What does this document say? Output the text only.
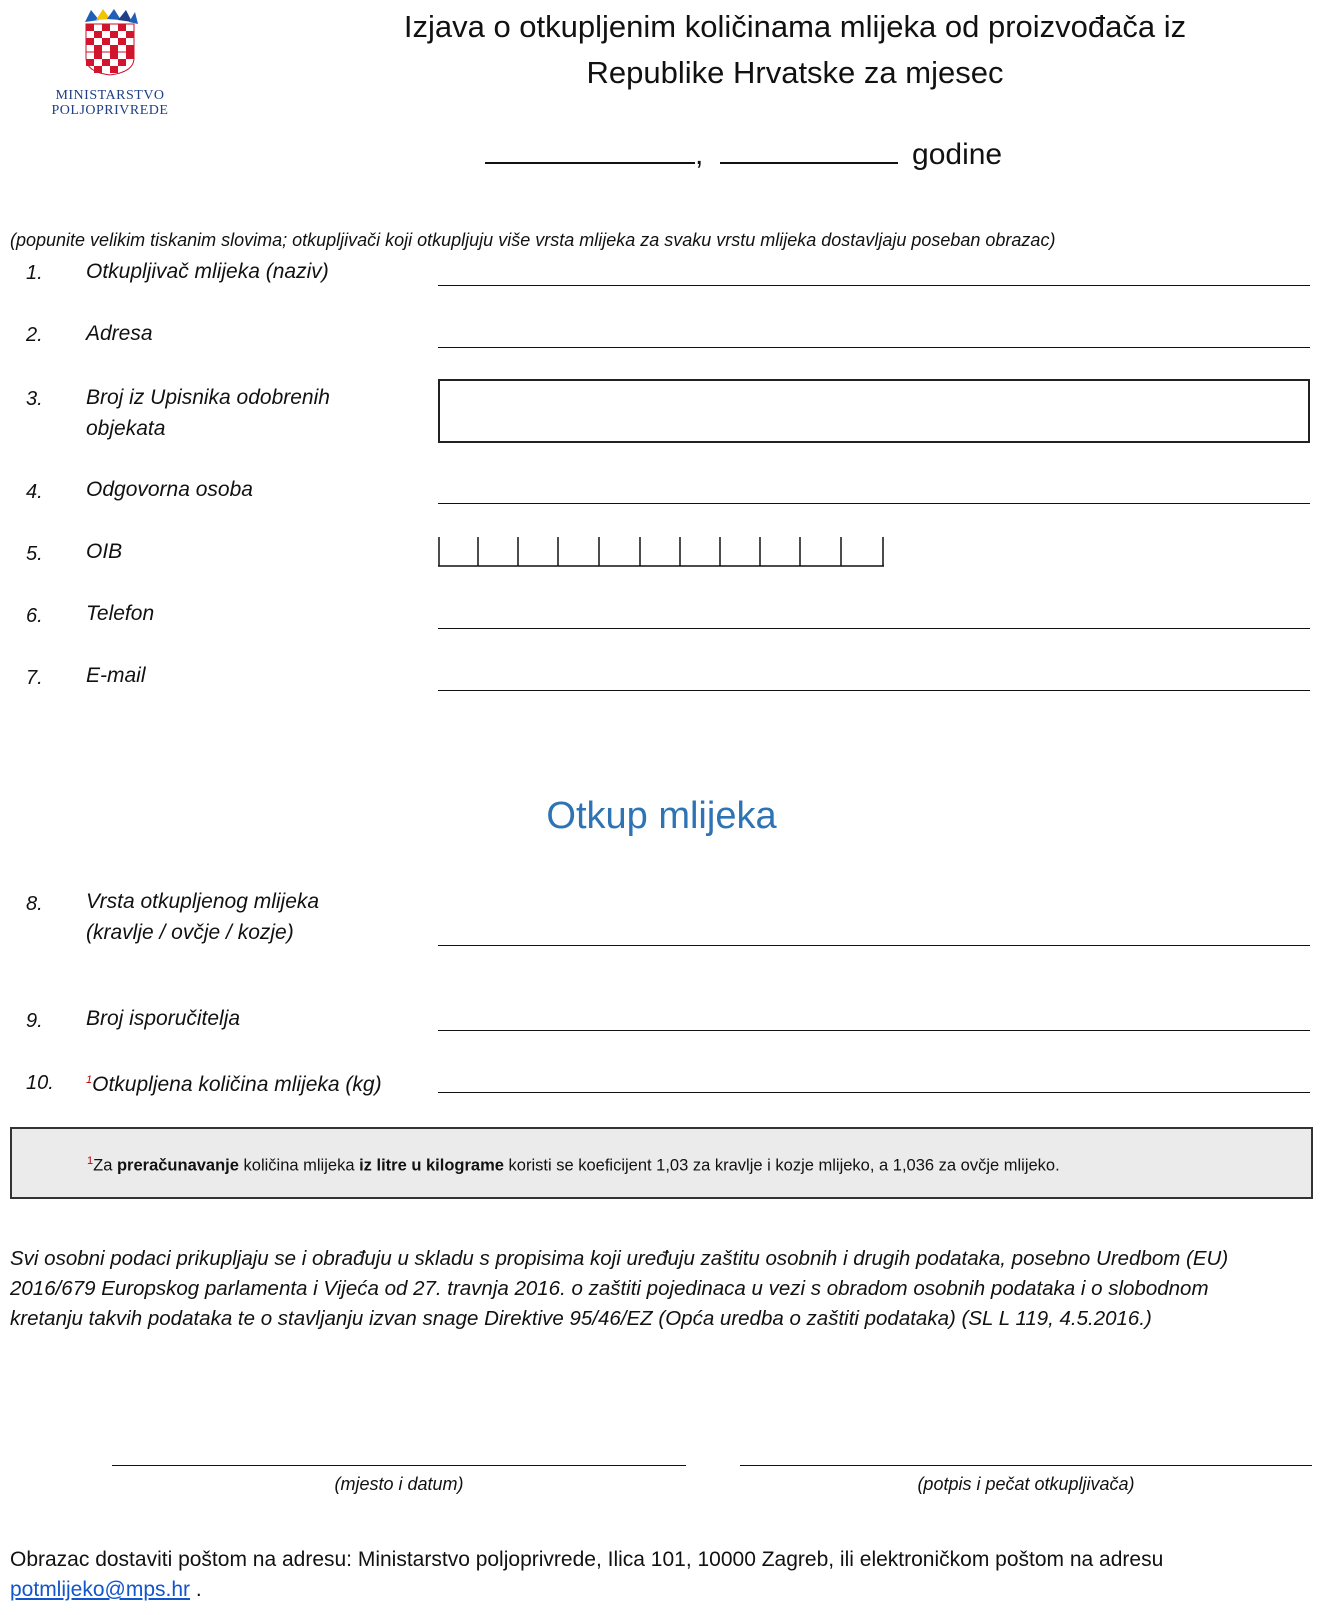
MINISTARSTVO
POLJOPRIVREDE
Izjava o otkupljenim količinama mlijeka od proizvođača iz
Republike Hrvatske za mjesec
,	godine
(popunite velikim tiskanim slovima; otkupljivači koji otkupljuju više vrsta mlijeka za svaku vrstu mlijeka dostavljaju poseban obrazac)
1. Otkupljivač mlijeka (naziv)
2. Adresa
3. Broj iz Upisnika odobrenih objekata
4. Odgovorna osoba
5. OIB
6. Telefon
7. E-mail
Otkup mlijeka
8. Vrsta otkupljenog mlijeka (kravlje / ovčje / kozje)
9. Broj isporučitelja
10.	$^1$Otkupljena količina mlijeka (kg)
$^1$Za preračunavanje količina mlijeka iz litre u kilograme koristi se koeficijent 1,03 za kravlje i kozje mlijeko, a 1,036 za ovčje mlijeko.
Svi osobni podaci prikupljaju se i obrađuju u skladu s propisima koji uređuju zaštitu osobnih i drugih podataka, posebno Uredbom (EU) 2016/679 Europskog parlamenta i Vijeća od 27. travnja 2016. o zaštiti pojedinaca u vezi s obradom osobnih podataka i o slobodnom kretanju takvih podataka te o stavljanju izvan snage Direktive 95/46/EZ (Opća uredba o zaštiti podataka) (SL L 119, 4.5.2016.)
(mjesto i datum)	(potpis i pečat otkupljivača)
Obrazac dostaviti poštom na adresu: Ministarstvo poljoprivrede, Ilica 101, 10000 Zagreb, ili elektroničkom poštom na adresu potmlijeko@mps.hr .
